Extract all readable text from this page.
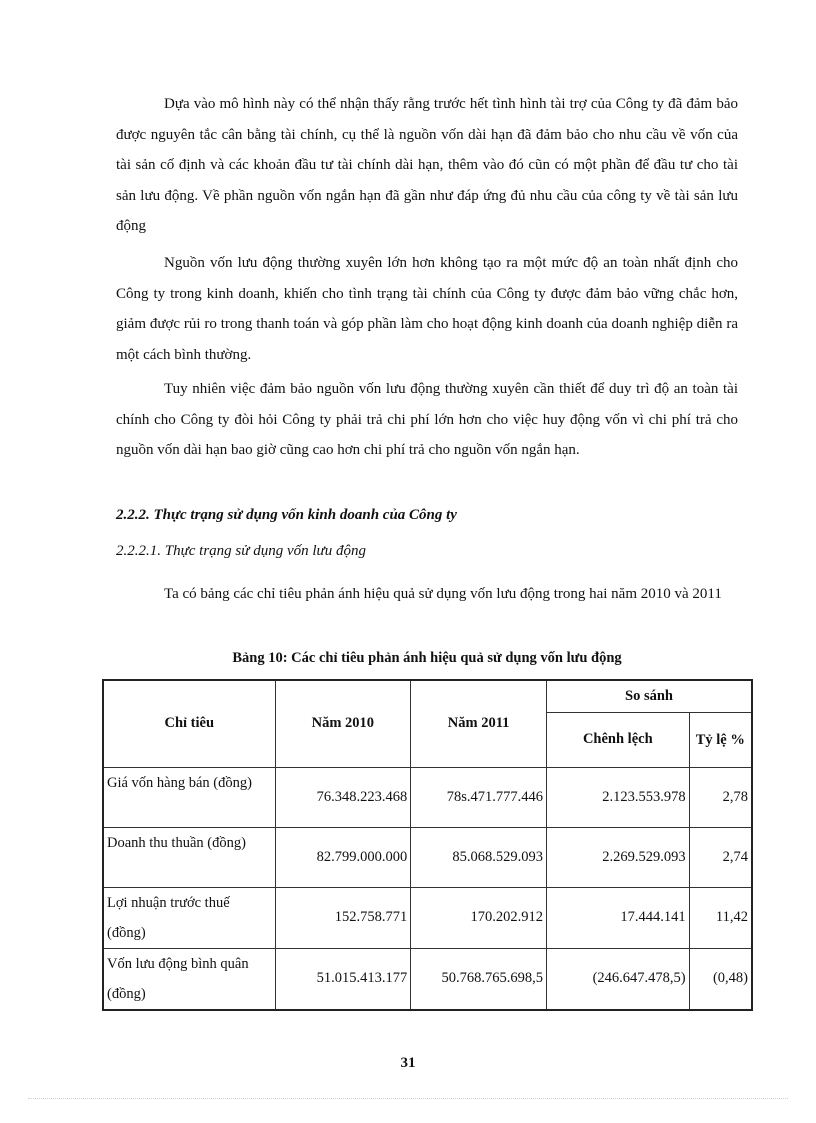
Dựa vào mô hình này có thể nhận thấy rằng trước hết tình hình tài trợ của Công ty đã đảm bảo được nguyên tắc cân bằng tài chính, cụ thể là nguồn vốn dài hạn đã đảm bảo cho nhu cầu về vốn của tài sản cố định và các khoản đầu tư tài chính dài hạn, thêm vào đó cũn có một phần để đầu tư cho tài sản lưu động. Về phần nguồn vốn ngắn hạn đã gần như đáp ứng đủ nhu cầu của công ty về tài sản lưu động

Nguồn vốn lưu động thường xuyên lớn hơn không tạo ra một mức độ an toàn nhất định cho Công ty trong kinh doanh, khiến cho tình trạng tài chính của Công ty được đảm bảo vững chắc hơn, giảm được rủi ro trong thanh toán và góp phần làm cho hoạt động kinh doanh của doanh nghiệp diễn ra một cách bình thường.

Tuy nhiên việc đảm bảo nguồn vốn lưu động thường xuyên cần thiết để duy trì độ an toàn tài chính cho Công ty đòi hỏi Công ty phải trả chi phí lớn hơn cho việc huy động vốn vì chi phí trả cho nguồn vốn dài hạn bao giờ cũng cao hơn chi phí trả cho nguồn vốn ngắn hạn.

2.2.2. Thực trạng sử dụng vốn kinh doanh của Công ty

2.2.2.1. Thực trạng sử dụng vốn lưu động

Ta có bảng các chỉ tiêu phản ánh hiệu quả sử dụng vốn lưu động trong hai năm 2010 và 2011

Bảng 10: Các chỉ tiêu phản ánh hiệu quả sử dụng vốn lưu động

Chỉ tiêu	Năm 2010	Năm 2011	So sánh	
			Chênh lệch	Tỷ lệ %
Giá vốn hàng bán (đồng)	76.348.223.468	78s.471.777.446	2.123.553.978	2,78
Doanh thu thuần (đồng)	82.799.000.000	85.068.529.093	2.269.529.093	2,74
Lợi nhuận trước thuế (đồng)	152.758.771	170.202.912	17.444.141	11,42
Vốn lưu động bình quân (đồng)	51.015.413.177	50.768.765.698,5	(246.647.478,5)	(0,48)

31
